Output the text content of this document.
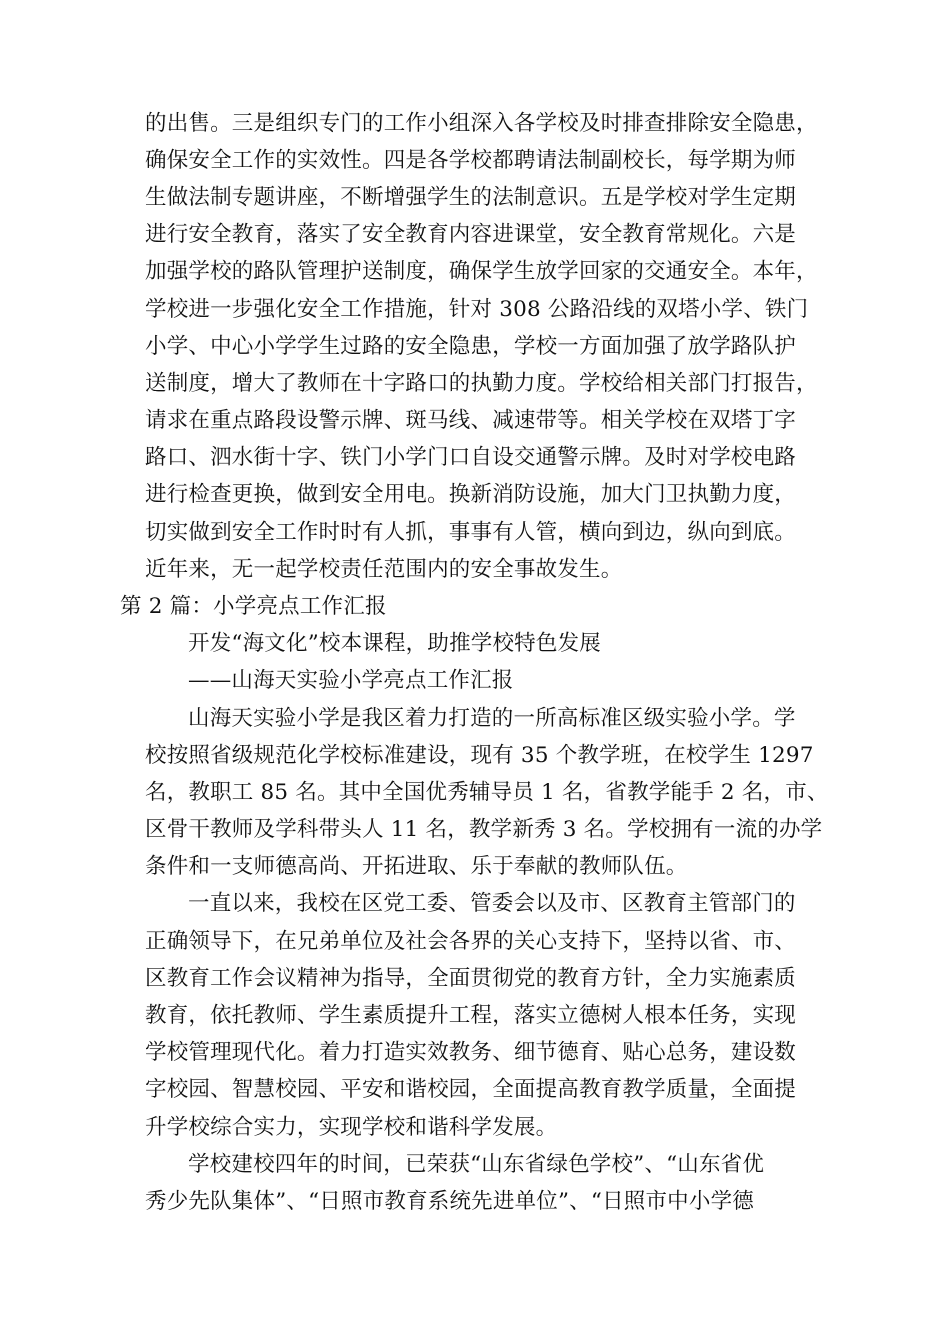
的出售。三是组织专门的工作小组深入各学校及时排查排除安全隐患，
确保安全工作的实效性。四是各学校都聘请法制副校长，每学期为师
生做法制专题讲座，不断增强学生的法制意识。五是学校对学生定期
进行安全教育，落实了安全教育内容进课堂，安全教育常规化。六是
加强学校的路队管理护送制度，确保学生放学回家的交通安全。本年，
学校进一步强化安全工作措施，针对 308 公路沿线的双塔小学、铁门
小学、中心小学学生过路的安全隐患，学校一方面加强了放学路队护
送制度，增大了教师在十字路口的执勤力度。学校给相关部门打报告，
请求在重点路段设警示牌、斑马线、减速带等。相关学校在双塔丁字
路口、泗水街十字、铁门小学门口自设交通警示牌。及时对学校电路
进行检查更换，做到安全用电。换新消防设施，加大门卫执勤力度，
切实做到安全工作时时有人抓，事事有人管，横向到边，纵向到底。
近年来，无一起学校责任范围内的安全事故发生。
第 2 篇：小学亮点工作汇报
开发“海文化”校本课程，助推学校特色发展
——山海天实验小学亮点工作汇报
山海天实验小学是我区着力打造的一所高标准区级实验小学。学
校按照省级规范化学校标准建设，现有 35 个教学班，在校学生 1297
名，教职工 85 名。其中全国优秀辅导员 1 名，省教学能手 2 名，市、
区骨干教师及学科带头人 11 名，教学新秀 3 名。学校拥有一流的办学
条件和一支师德高尚、开拓进取、乐于奉献的教师队伍。
一直以来，我校在区党工委、管委会以及市、区教育主管部门的
正确领导下，在兄弟单位及社会各界的关心支持下，坚持以省、市、
区教育工作会议精神为指导，全面贯彻党的教育方针，全力实施素质
教育，依托教师、学生素质提升工程，落实立德树人根本任务，实现
学校管理现代化。着力打造实效教务、细节德育、贴心总务，建设数
字校园、智慧校园、平安和谐校园，全面提高教育教学质量，全面提
升学校综合实力，实现学校和谐科学发展。
学校建校四年的时间，已荣获“山东省绿色学校”、“山东省优
秀少先队集体”、“日照市教育系统先进单位”、“日照市中小学德
